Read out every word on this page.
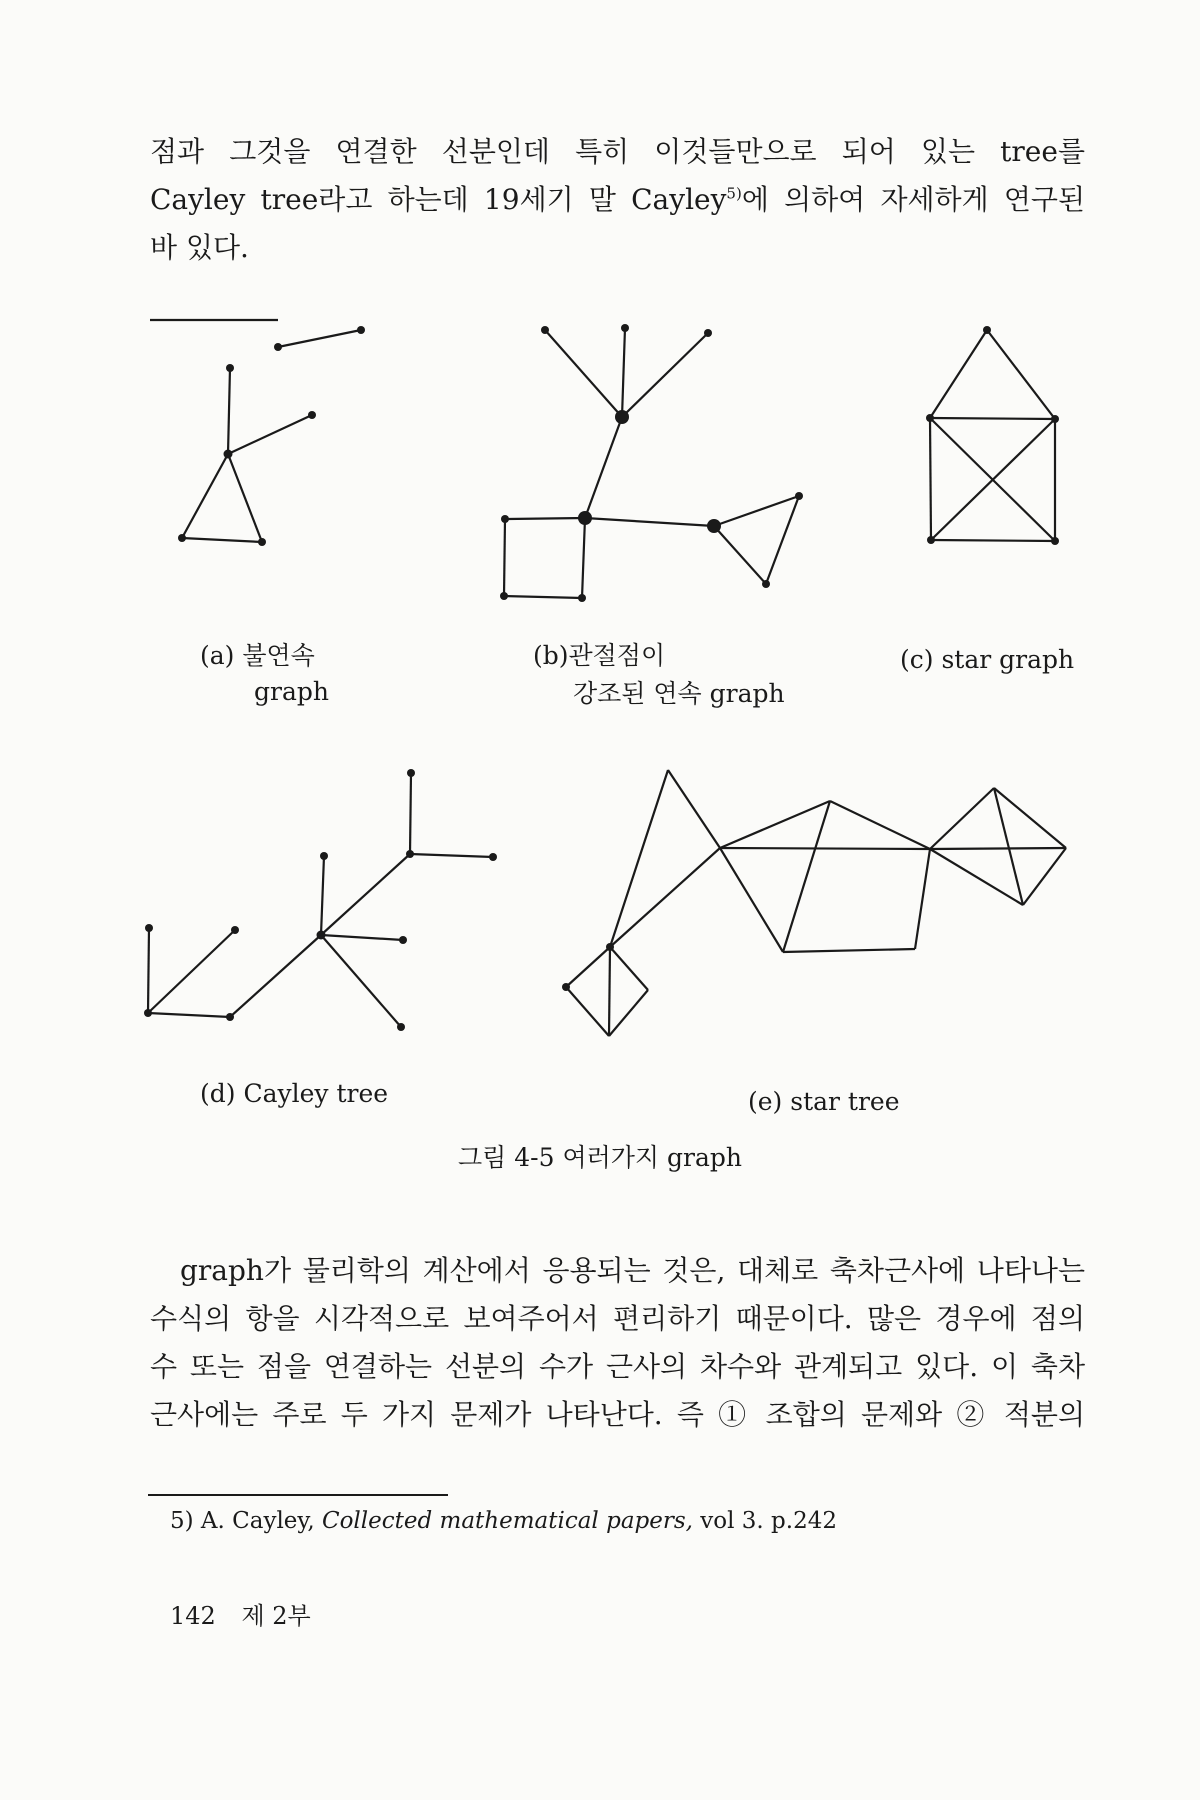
점과 그것을 연결한 선분인데 특히 이것들만으로 되어 있는 tree를
Cayley tree라고 하는데 19세기 말 Cayley$^{5)}$에 의하여 자세하게 연구된
바 있다.
(a) 불연속
graph
(b)관절점이
강조된 연속 graph
(c) star graph
(d) Cayley tree	(e) star tree
그림 4-5 여러가지 graph
graph가 물리학의 계산에서 응용되는 것은, 대체로 축차근사에 나타나는
수식의 항을 시각적으로 보여주어서 편리하기 때문이다. 많은 경우에 점의
수 또는 점을 연결하는 선분의 수가 근사의 차수와 관계되고 있다. 이 축차
근사에는 주로 두 가지 문제가 나타난다. 즉 ① 조합의 문제와 ② 적분의
5) A. Cayley, Collected mathematical papers, vol 3. p.242
142 제 2부
